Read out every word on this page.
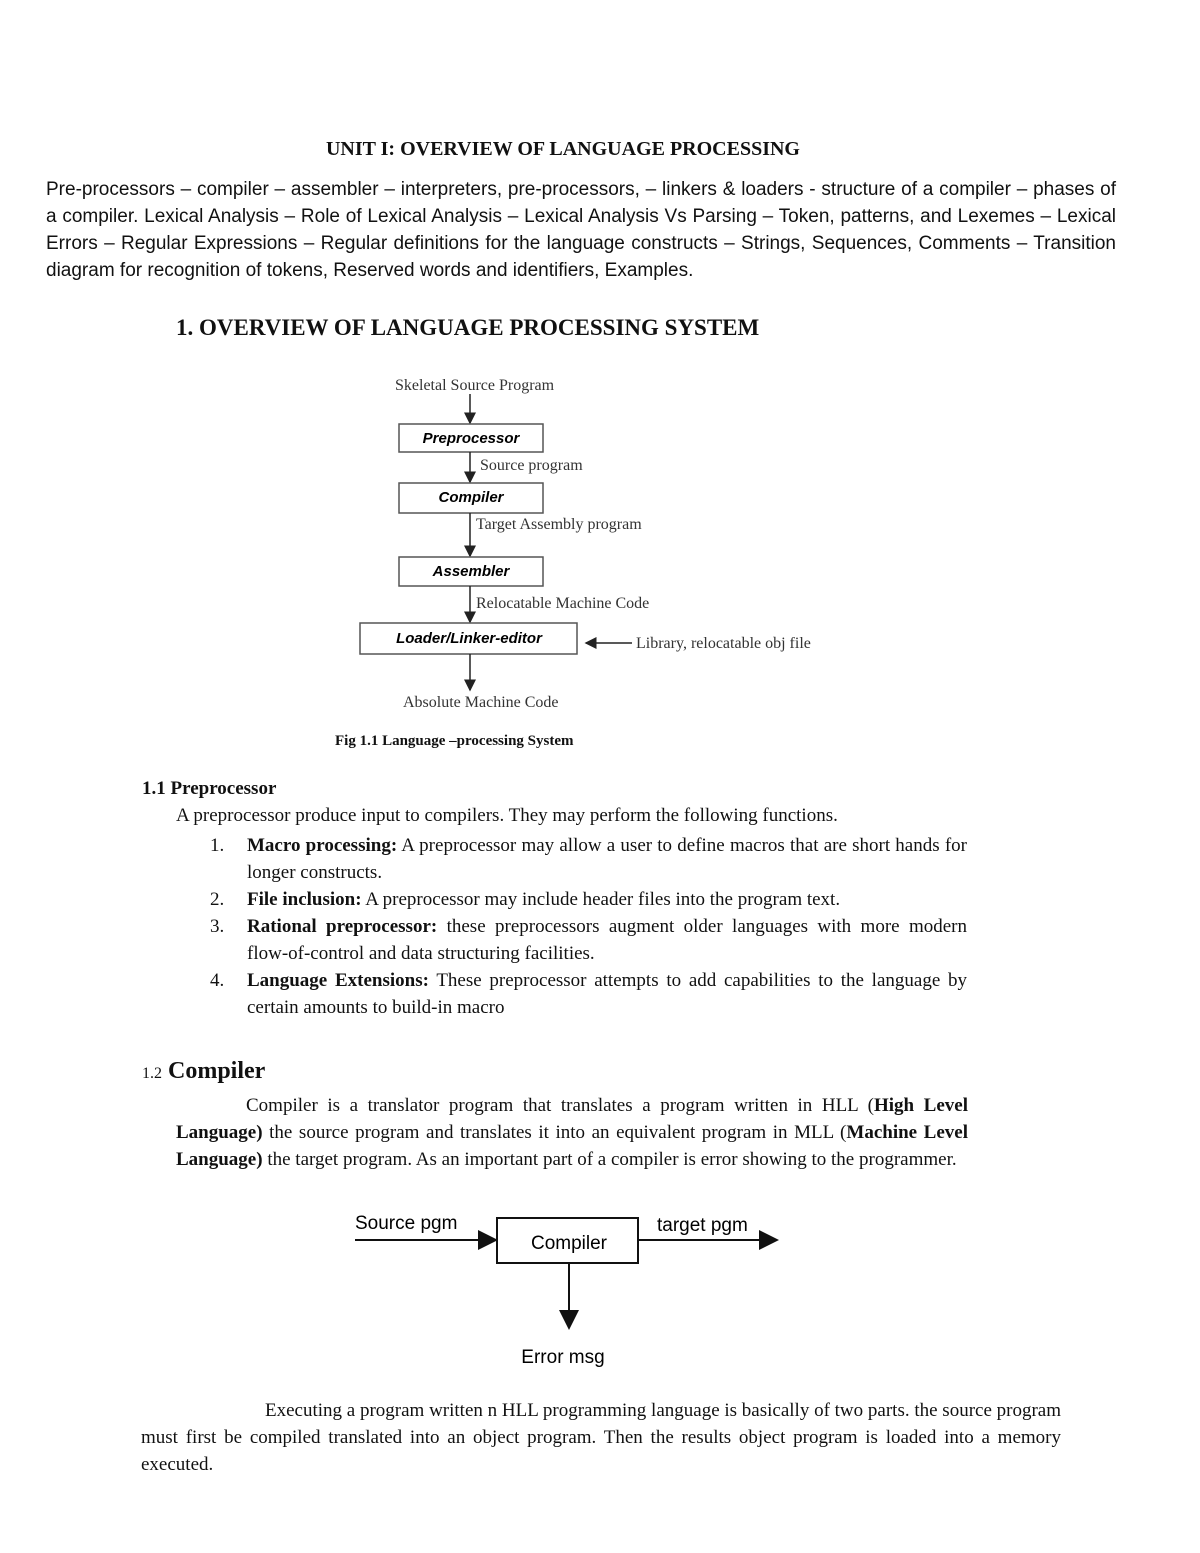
UNIT I: OVERVIEW OF LANGUAGE PROCESSING
Pre-processors – compiler – assembler – interpreters, pre-processors, – linkers & loaders - structure of a compiler – phases of a compiler. Lexical Analysis – Role of Lexical Analysis – Lexical Analysis Vs Parsing – Token, patterns, and Lexemes – Lexical Errors – Regular Expressions – Regular definitions for the language constructs – Strings, Sequences, Comments – Transition diagram for recognition of tokens, Reserved words and identifiers, Examples.
1. OVERVIEW OF LANGUAGE PROCESSING SYSTEM
Skeletal Source Program
Preprocessor
Source program
Compiler
Target Assembly program
Assembler
Relocatable Machine Code
Loader/Linker-editor	Library, relocatable obj file
Absolute Machine Code
Fig 1.1 Language –processing System
1.1 Preprocessor
A preprocessor produce input to compilers. They may perform the following functions.
1. Macro processing: A preprocessor may allow a user to define macros that are short hands for longer constructs.
2. File inclusion: A preprocessor may include header files into the program text.
3. Rational preprocessor: these preprocessors augment older languages with more modern flow-of-control and data structuring facilities.
4. Language Extensions: These preprocessor attempts to add capabilities to the language by certain amounts to build-in macro
1.2 Compiler
Compiler is a translator program that translates a program written in HLL (High Level Language) the source program and translates it into an equivalent program in MLL (Machine Level Language) the target program. As an important part of a compiler is error showing to the programmer.
Source pgm
Compiler
target pgm
Error msg
Executing a program written n HLL programming language is basically of two parts. the source program must first be compiled translated into an object program. Then the results object program is loaded into a memory executed.
